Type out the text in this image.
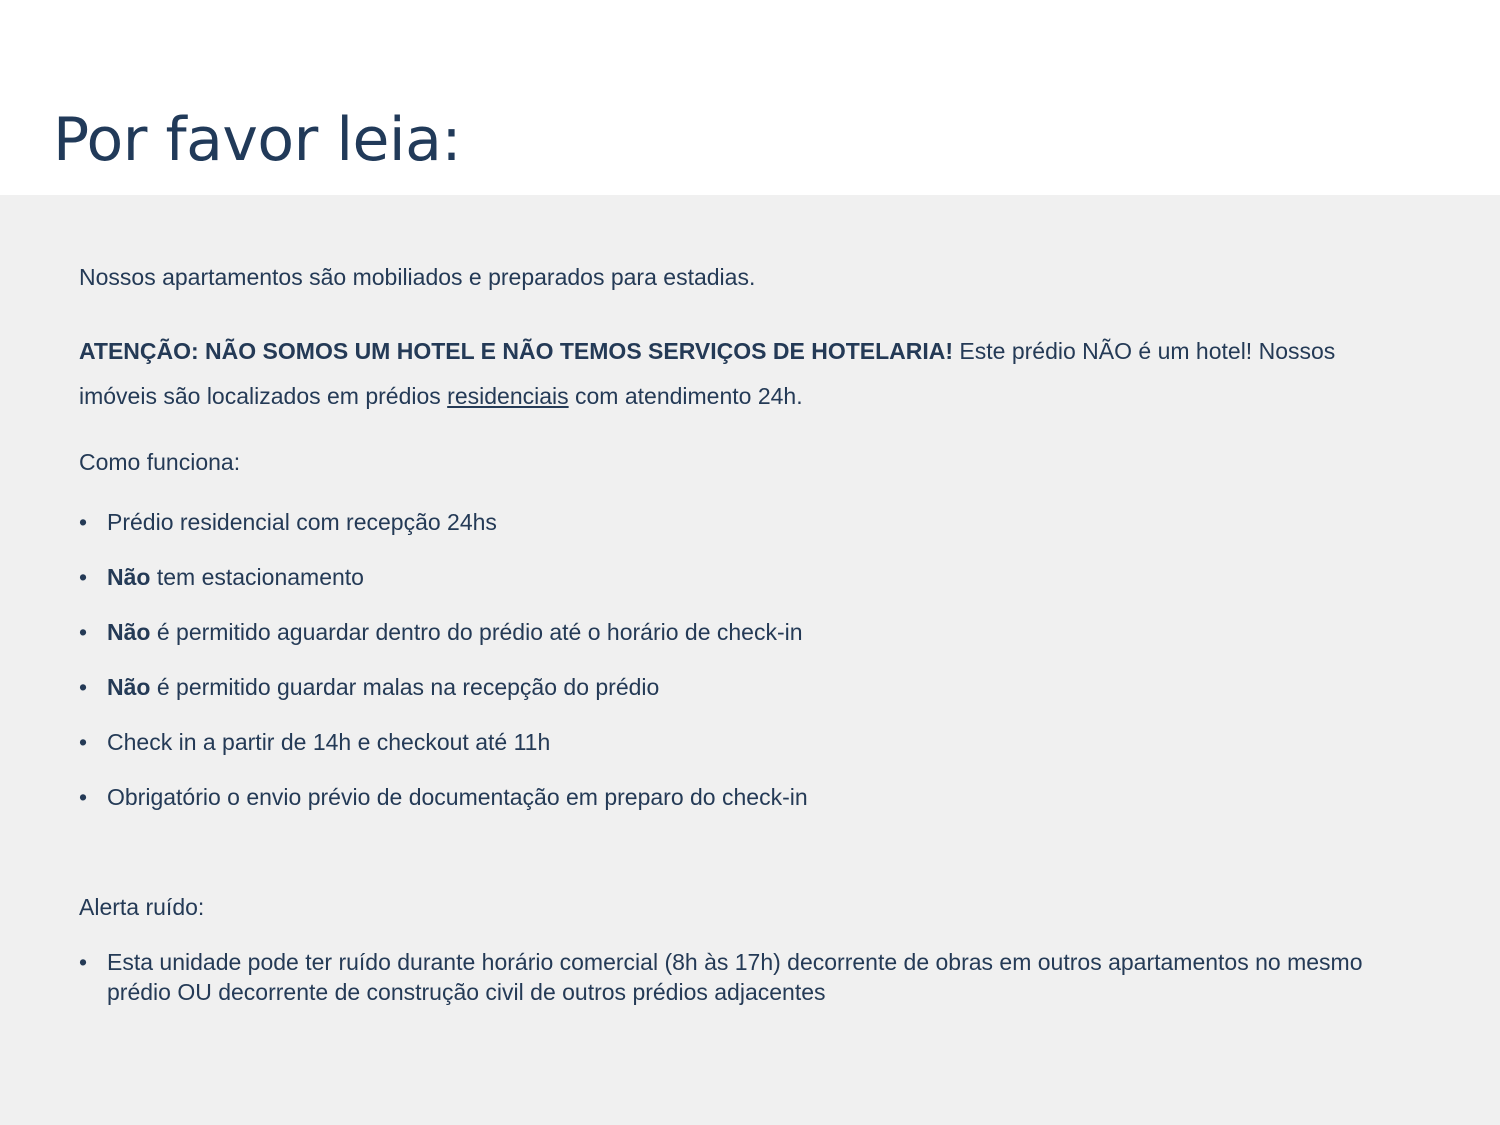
Por favor leia:

Nossos apartamentos são mobiliados e preparados para estadias.

ATENÇÃO: NÃO SOMOS UM HOTEL E NÃO TEMOS SERVIÇOS DE HOTELARIA! Este prédio NÃO é um hotel! Nossos imóveis são localizados em prédios residenciais com atendimento 24h.

Como funciona:

• Prédio residencial com recepção 24hs
• Não tem estacionamento
• Não é permitido aguardar dentro do prédio até o horário de check-in
• Não é permitido guardar malas na recepção do prédio
• Check in a partir de 14h e checkout até 11h
• Obrigatório o envio prévio de documentação em preparo do check-in

Alerta ruído:

• Esta unidade pode ter ruído durante horário comercial (8h às 17h) decorrente de obras em outros apartamentos no mesmo prédio OU decorrente de construção civil de outros prédios adjacentes
